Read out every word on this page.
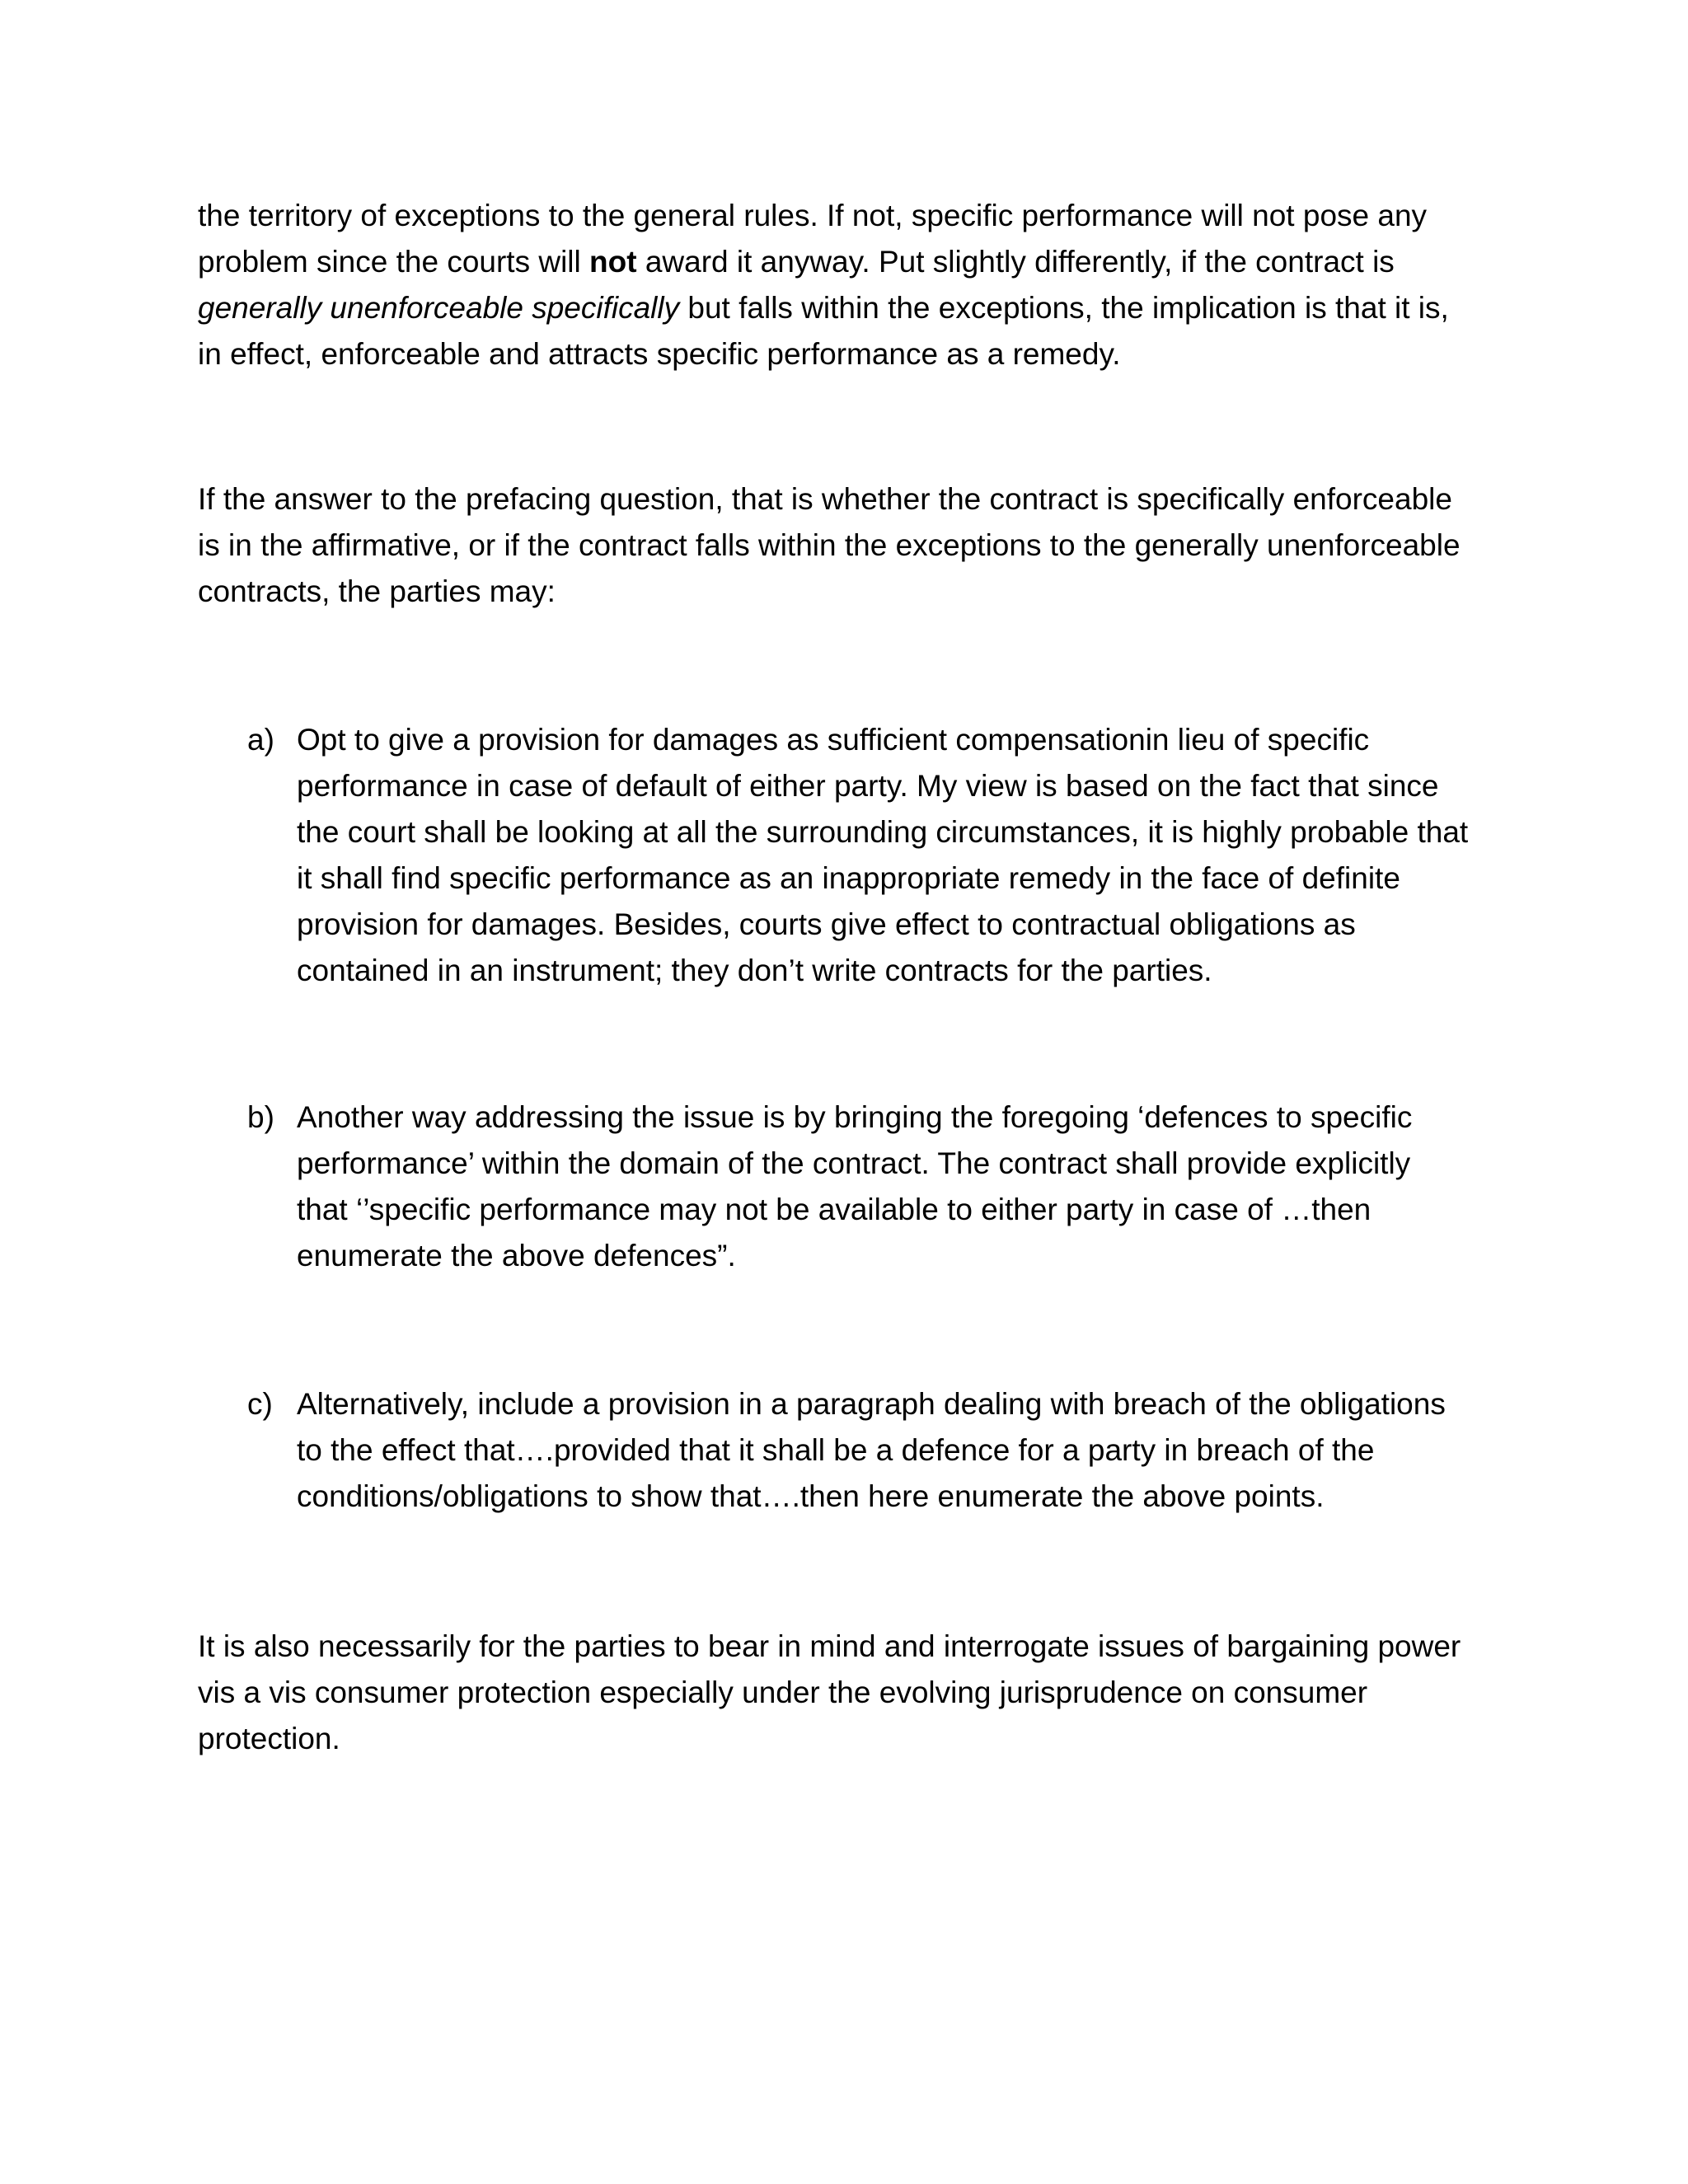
the territory of exceptions to the general rules. If not, specific performance will not pose any
problem since the courts will not award it anyway. Put slightly differently, if the contract is
generally unenforceable specifically but falls within the exceptions, the implication is that it is,
in effect, enforceable and attracts specific performance as a remedy.
If the answer to the prefacing question, that is whether the contract is specifically enforceable
is in the affirmative, or if the contract falls within the exceptions to the generally unenforceable
contracts, the parties may:
a) Opt to give a provision for damages as sufficient compensationin lieu of specific
performance in case of default of either party. My view is based on the fact that since
the court shall be looking at all the surrounding circumstances, it is highly probable that
it shall find specific performance as an inappropriate remedy in the face of definite
provision for damages. Besides, courts give effect to contractual obligations as
contained in an instrument; they don’t write contracts for the parties.
b) Another way addressing the issue is by bringing the foregoing ‘defences to specific
performance’ within the domain of the contract. The contract shall provide explicitly
that ‘’specific performance may not be available to either party in case of …then
enumerate the above defences”.
c) Alternatively, include a provision in a paragraph dealing with breach of the obligations
to the effect that….provided that it shall be a defence for a party in breach of the
conditions/obligations to show that….then here enumerate the above points.
It is also necessarily for the parties to bear in mind and interrogate issues of bargaining power
vis a vis consumer protection especially under the evolving jurisprudence on consumer
protection.
